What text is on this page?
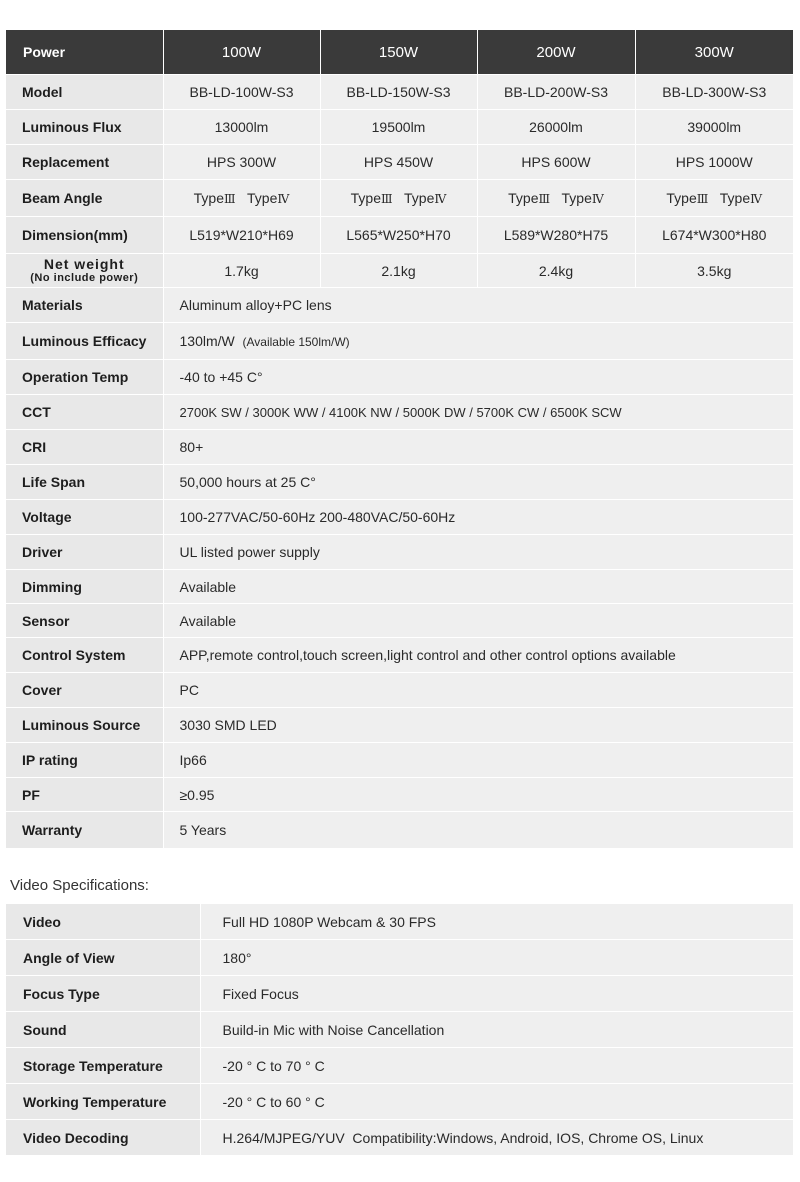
Power	100W	150W	200W	300W
Model	BB-LD-100W-S3	BB-LD-150W-S3	BB-LD-200W-S3	BB-LD-300W-S3
Luminous Flux	13000lm	19500lm	26000lm	39000lm
Replacement	HPS 300W	HPS 450W	HPS 600W	HPS 1000W
Beam Angle	TypeⅢ TypeⅣ	TypeⅢ TypeⅣ	TypeⅢ TypeⅣ	TypeⅢ TypeⅣ
Dimension(mm)	L519*W210*H69	L565*W250*H70	L589*W280*H75	L674*W300*H80

Net weight
(No include power)	1.7kg	2.1kg	2.4kg	3.5kg
Materials	Aluminum alloy+PC lens			
Luminous Efficacy	130lm/W (Available 150lm/W)			
Operation Temp	-40 to +45 C°			
CCT	2700K SW / 3000K WW / 4100K NW / 5000K DW / 5700K CW / 6500K SCW			
CRI	80+			
Life Span	50,000 hours at 25 C°			
Voltage	100-277VAC/50-60Hz 200-480VAC/50-60Hz			
Driver	UL listed power supply			
Dimming	Available			
Sensor	Available			
Control System	APP,remote control,touch screen,light control and other control options available			
Cover	PC			
Luminous Source	3030 SMD LED			
IP rating	Ip66			
PF	≥0.95			
Warranty	5 Years			
Video Specifications:
Video	Full HD 1080P Webcam & 30 FPS
Angle of View	180°
Focus Type	Fixed Focus
Sound	Build-in Mic with Noise Cancellation
Storage Temperature	-20 ° C to 70 ° C
Working Temperature	-20 ° C to 60 ° C
Video Decoding	H.264/MJPEG/YUV  Compatibility:Windows, Android, IOS, Chrome OS, Linux
